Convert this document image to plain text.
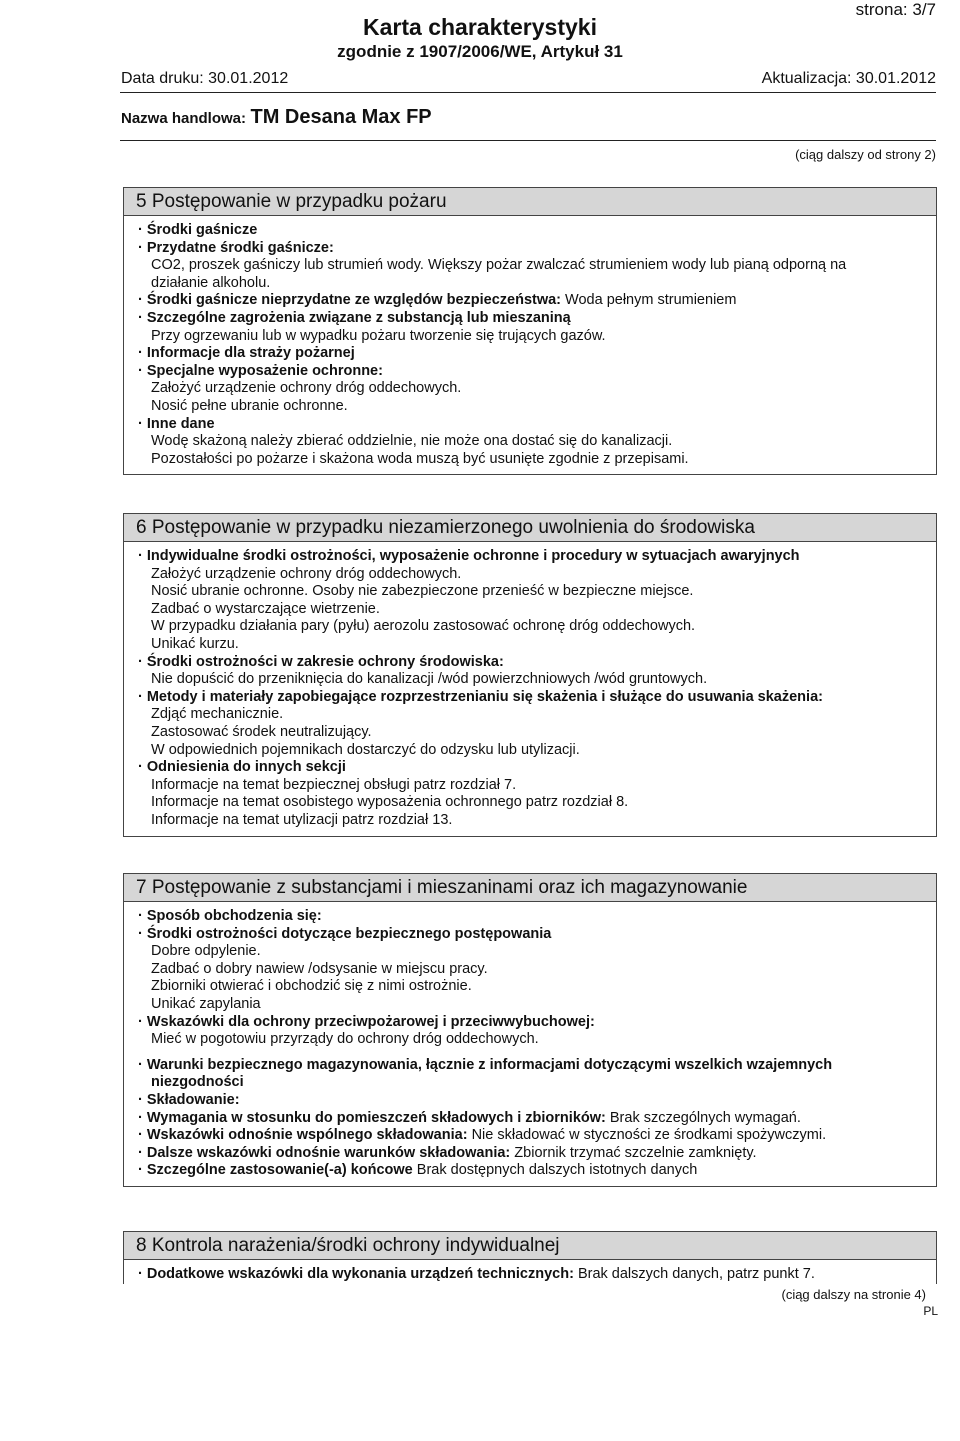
strona: 3/7
Karta charakterystyki
zgodnie z 1907/2006/WE, Artykuł 31
Data druku: 30.01.2012	Aktualizacja: 30.01.2012
Nazwa handlowa: TM Desana Max FP
(ciąg dalszy od strony 2)
5 Postępowanie w przypadku pożaru
· Środki gaśnicze
· Przydatne środki gaśnicze:
CO2, proszek gaśniczy lub strumień wody. Większy pożar zwalczać strumieniem wody lub pianą odporną na
działanie alkoholu.
· Środki gaśnicze nieprzydatne ze względów bezpieczeństwa: Woda pełnym strumieniem
· Szczególne zagrożenia związane z substancją lub mieszaniną
Przy ogrzewaniu lub w wypadku pożaru tworzenie się trujących gazów.
· Informacje dla straży pożarnej
· Specjalne wyposażenie ochronne:
Założyć urządzenie ochrony dróg oddechowych.
Nosić pełne ubranie ochronne.
· Inne dane
Wodę skażoną należy zbierać oddzielnie, nie może ona dostać się do kanalizacji.
Pozostałości po pożarze i skażona woda muszą być usunięte zgodnie z przepisami.
6 Postępowanie w przypadku niezamierzonego uwolnienia do środowiska
· Indywidualne środki ostrożności, wyposażenie ochronne i procedury w sytuacjach awaryjnych
Założyć urządzenie ochrony dróg oddechowych.
Nosić ubranie ochronne. Osoby nie zabezpieczone przenieść w bezpieczne miejsce.
Zadbać o wystarczające wietrzenie.
W przypadku działania pary (pyłu) aerozolu zastosować ochronę dróg oddechowych.
Unikać kurzu.
· Środki ostrożności w zakresie ochrony środowiska:
Nie dopuścić do przeniknięcia do kanalizacji /wód powierzchniowych /wód gruntowych.
· Metody i materiały zapobiegające rozprzestrzenianiu się skażenia i służące do usuwania skażenia:
Zdjąć mechanicznie.
Zastosować środek neutralizujący.
W odpowiednich pojemnikach dostarczyć do odzysku lub utylizacji.
· Odniesienia do innych sekcji
Informacje na temat bezpiecznej obsługi patrz rozdział 7.
Informacje na temat osobistego wyposażenia ochronnego patrz rozdział 8.
Informacje na temat utylizacji patrz rozdział 13.
7 Postępowanie z substancjami i mieszaninami oraz ich magazynowanie
· Sposób obchodzenia się:
· Środki ostrożności dotyczące bezpiecznego postępowania
Dobre odpylenie.
Zadbać o dobry nawiew /odsysanie w miejscu pracy.
Zbiorniki otwierać i obchodzić się z nimi ostrożnie.
Unikać zapylania
· Wskazówki dla ochrony przeciwpożarowej i przeciwwybuchowej:
Mieć w pogotowiu przyrządy do ochrony dróg oddechowych.
· Warunki bezpiecznego magazynowania, łącznie z informacjami dotyczącymi wszelkich wzajemnych
niezgodności
· Składowanie:
· Wymagania w stosunku do pomieszczeń składowych i zbiorników: Brak szczególnych wymagań.
· Wskazówki odnośnie wspólnego składowania: Nie składować w styczności ze środkami spożywczymi.
· Dalsze wskazówki odnośnie warunków składowania: Zbiornik trzymać szczelnie zamknięty.
· Szczególne zastosowanie(-a) końcowe Brak dostępnych dalszych istotnych danych
8 Kontrola narażenia/środki ochrony indywidualnej
· Dodatkowe wskazówki dla wykonania urządzeń technicznych: Brak dalszych danych, patrz punkt 7.
(ciąg dalszy na stronie 4)
PL
